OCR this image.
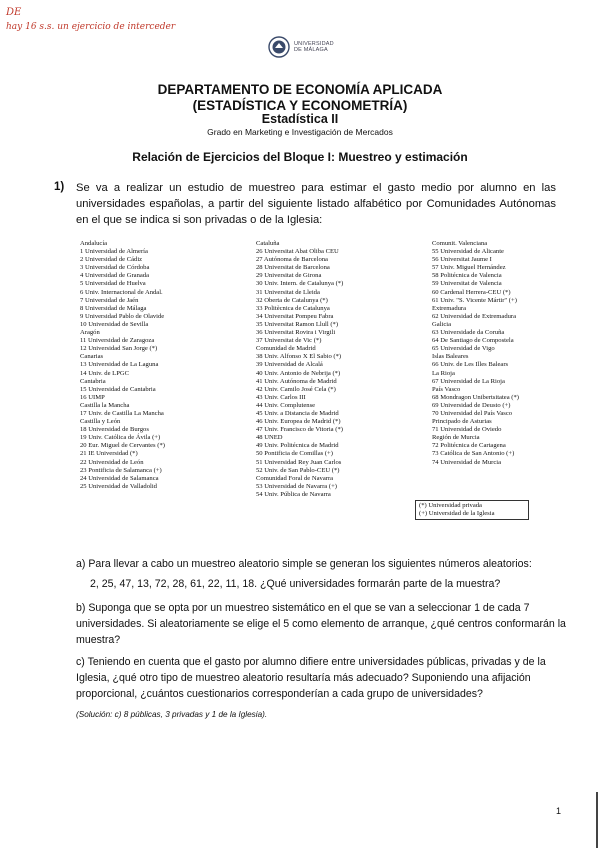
DE
hay 16 s.s. un ejercicio de interceder
UNIVERSIDAD
DE MÁLAGA
DEPARTAMENTO DE ECONOMÍA APLICADA
(ESTADÍSTICA Y ECONOMETRÍA)
Estadística II
Grado en Marketing e Investigación de Mercados
Relación de Ejercicios del Bloque I: Muestreo y estimación
1) Se va a realizar un estudio de muestreo para estimar el gasto medio por alumno en las universidades españolas, a partir del siguiente listado alfabético por Comunidades Autónomas en el que se indica si son privadas o de la Iglesia:
Andalucía
1 Universidad de Almería
2 Universidad de Cádiz
3 Universidad de Córdoba
4 Universidad de Granada
5 Universidad de Huelva
6 Univ. Internacional de Andal.
7 Universidad de Jaén
8 Universidad de Málaga
9 Universidad Pablo de Olavide
10 Universidad de Sevilla
Aragón
11 Universidad de Zaragoza
12 Universidad San Jorge (*)
Canarias
13 Universidad de La Laguna
14 Univ. de LPGC
Cantabria
15 Universidad de Cantabria
16 UIMP
Castilla la Mancha
17 Univ. de Castilla La Mancha
Castilla y León
18 Universidad de Burgos
19 Univ. Católica de Ávila (+)
20 Eur. Miguel de Cervantes (*)
21 IE Universidad (*)
22 Universidad de León
23 Pontificia de Salamanca (+)
24 Universidad de Salamanca
25 Universidad de Valladolid
Cataluña
26 Universitat Abat Oliba CEU
27 Autónoma de Barcelona
28 Universitat de Barcelona
29 Universitat de Girona
30 Univ. Intern. de Catalunya (*)
31 Universitat de Lleida
32 Oberta de Catalunya (*)
33 Politècnica de Catalunya
34 Universitat Pompeu Fabra
35 Universitat Ramon Llull (*)
36 Universitat Rovira i Virgili
37 Universitat de Vic (*)
Comunidad de Madrid
38 Univ. Alfonso X El Sabio (*)
39 Universidad de Alcalá
40 Univ. Antonio de Nebrija (*)
41 Univ. Autónoma de Madrid
42 Univ. Camilo José Cela (*)
43 Univ. Carlos III
44 Univ. Complutense
45 Univ. a Distancia de Madrid
46 Univ. Europea de Madrid (*)
47 Univ. Francisco de Vitoria (*)
48 UNED
49 Univ. Politécnica de Madrid
50 Pontificia de Comillas (+)
51 Universidad Rey Juan Carlos
52 Univ. de San Pablo-CEU (*)
Comunidad Foral de Navarra
53 Universidad de Navarra (+)
54 Univ. Pública de Navarra
Comunit. Valenciana
55 Universidad de Alicante
56 Universitat Jaume I
57 Univ. Miguel Hernández
58 Politécnica de Valencia
59 Universitat de Valencia
60 Cardenal Herrera-CEU (*)
61 Univ. "S. Vicente Mártir" (+)
Extremadura
62 Universidad de Extremadura
Galicia
63 Universidade da Coruña
64 De Santiago de Compostela
65 Universidad de Vigo
Islas Baleares
66 Univ. de Les Illes Balears
La Rioja
67 Universidad de La Rioja
País Vasco
68 Mondragon Unibertsitatea (*)
69 Universidad de Deusto (+)
70 Universidad del País Vasco
Principado de Asturias
71 Universidad de Oviedo
Región de Murcia
72 Politécnica de Cartagena
73 Católica de San Antonio (+)
74 Universidad de Murcia
(*) Universidad privada
(+) Universidad de la Iglesia
a) Para llevar a cabo un muestreo aleatorio simple se generan los siguientes números aleatorios:
2, 25, 47, 13, 72, 28, 61, 22, 11, 18. ¿Qué universidades formarán parte de la muestra?
b) Suponga que se opta por un muestreo sistemático en el que se van a seleccionar 1 de cada 7 universidades. Si aleatoriamente se elige el 5 como elemento de arranque, ¿qué centros conformarán la muestra?
c) Teniendo en cuenta que el gasto por alumno difiere entre universidades públicas, privadas y de la Iglesia, ¿qué otro tipo de muestreo aleatorio resultaría más adecuado? Suponiendo una afijación proporcional, ¿cuántos cuestionarios corresponderían a cada grupo de universidades?
(Solución: c) 8 públicas, 3 privadas y 1 de la Iglesia).
1
